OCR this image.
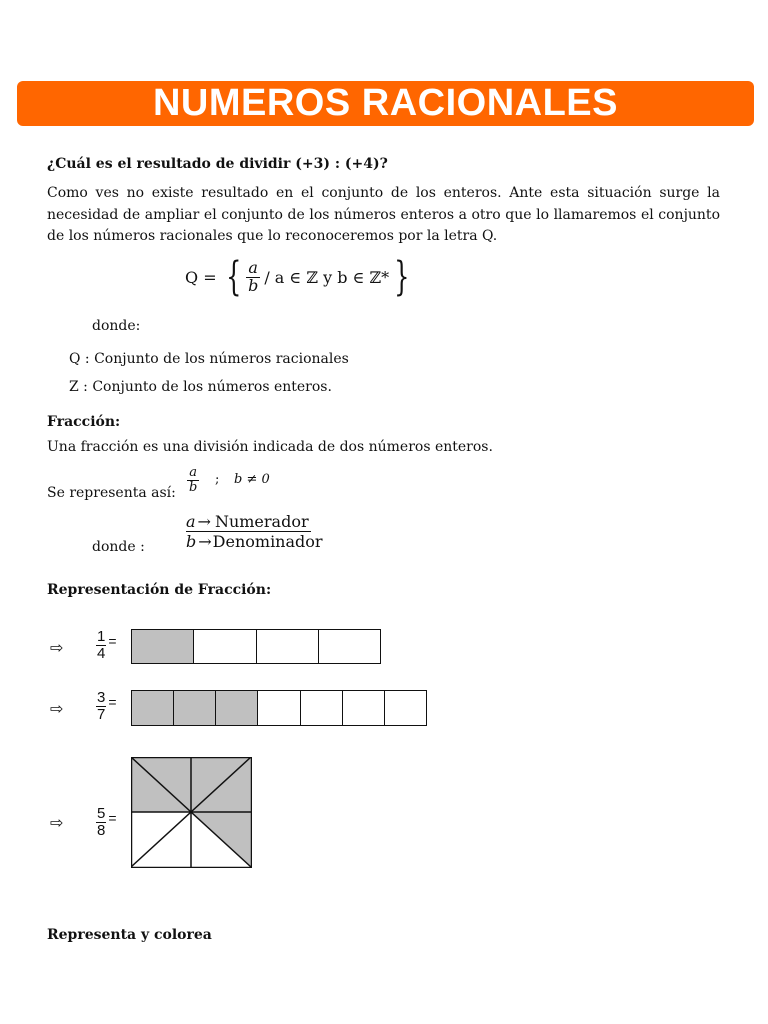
NUMEROS RACIONALES
¿Cuál es el resultado de dividir (+3) : (+4)?

Como ves no existe resultado en el conjunto de los enteros. Ante esta situación surge la necesidad de ampliar el conjunto de los números enteros a otro que lo llamaremos el conjunto de los números racionales que lo reconoceremos por la letra Q.

Q = { $\frac{a}{b}$ / a ∈ ℤ y b ∈ ℤ* }
donde:
Q : Conjunto de los números racionales
Z : Conjunto de los números enteros.
Fracción:
Una fracción es una división indicada de dos números enteros.
Se representa así: $\frac{a}{b}$ ; b ≠ 0
donde :
a → Numerador
b →Denominador
Representación de Fracción:
⇨ $\frac{1}{4}$ =
⇨ $\frac{3}{7}$ =
⇨ $\frac{5}{8}$ =
Representa y colorea
